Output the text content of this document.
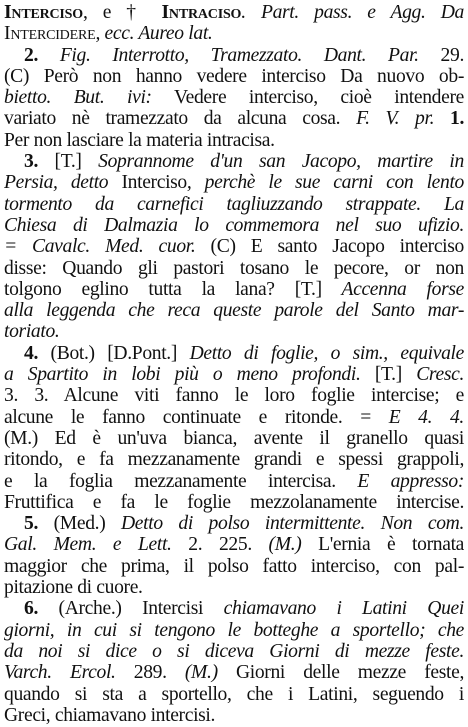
Interciso, e † Intraciso. Part. pass. e Agg. Da
Intercidere, ecc. Aureo lat.
2. Fig. Interrotto, Tramezzato. Dant. Par. 29.
(C) Però non hanno vedere interciso Da nuovo ob-
bietto. But. ivi: Vedere interciso, cioè intendere
variato nè tramezzato da alcuna cosa. F. V. pr. 1.
Per non lasciare la materia intracisa.
3. [T.] Soprannome d'un san Jacopo, martire in
Persia, detto Interciso, perchè le sue carni con lento
tormento da carnefici tagliuzzando strappate. La
Chiesa di Dalmazia lo commemora nel suo ufizio.
= Cavalc. Med. cuor. (C) E santo Jacopo interciso
disse: Quando gli pastori tosano le pecore, or non
tolgono eglino tutta la lana? [T.] Accenna forse
alla leggenda che reca queste parole del Santo mar-
toriato.
4. (Bot.) [D.Pont.] Detto di foglie, o sim., equivale
a Spartito in lobi più o meno profondi. [T.] Cresc.
3. 3. Alcune viti fanno le loro foglie intercise; e
alcune le fanno continuate e ritonde. = E 4. 4.
(M.) Ed è un'uva bianca, avente il granello quasi
ritondo, e fa mezzanamente grandi e spessi grappoli,
e la foglia mezzanamente intercisa. E appresso:
Fruttifica e fa le foglie mezzolanamente intercise.
5. (Med.) Detto di polso intermittente. Non com.
Gal. Mem. e Lett. 2. 225. (M.) L'ernia è tornata
maggior che prima, il polso fatto interciso, con pal-
pitazione di cuore.
6. (Arche.) Intercisi chiamavano i Latini Quei
giorni, in cui si tengono le botteghe a sportello; che
da noi si dice o si diceva Giorni di mezze feste.
Varch. Ercol. 289. (M.) Giorni delle mezze feste,
quando si sta a sportello, che i Latini, seguendo i
Greci, chiamavano intercisi.
